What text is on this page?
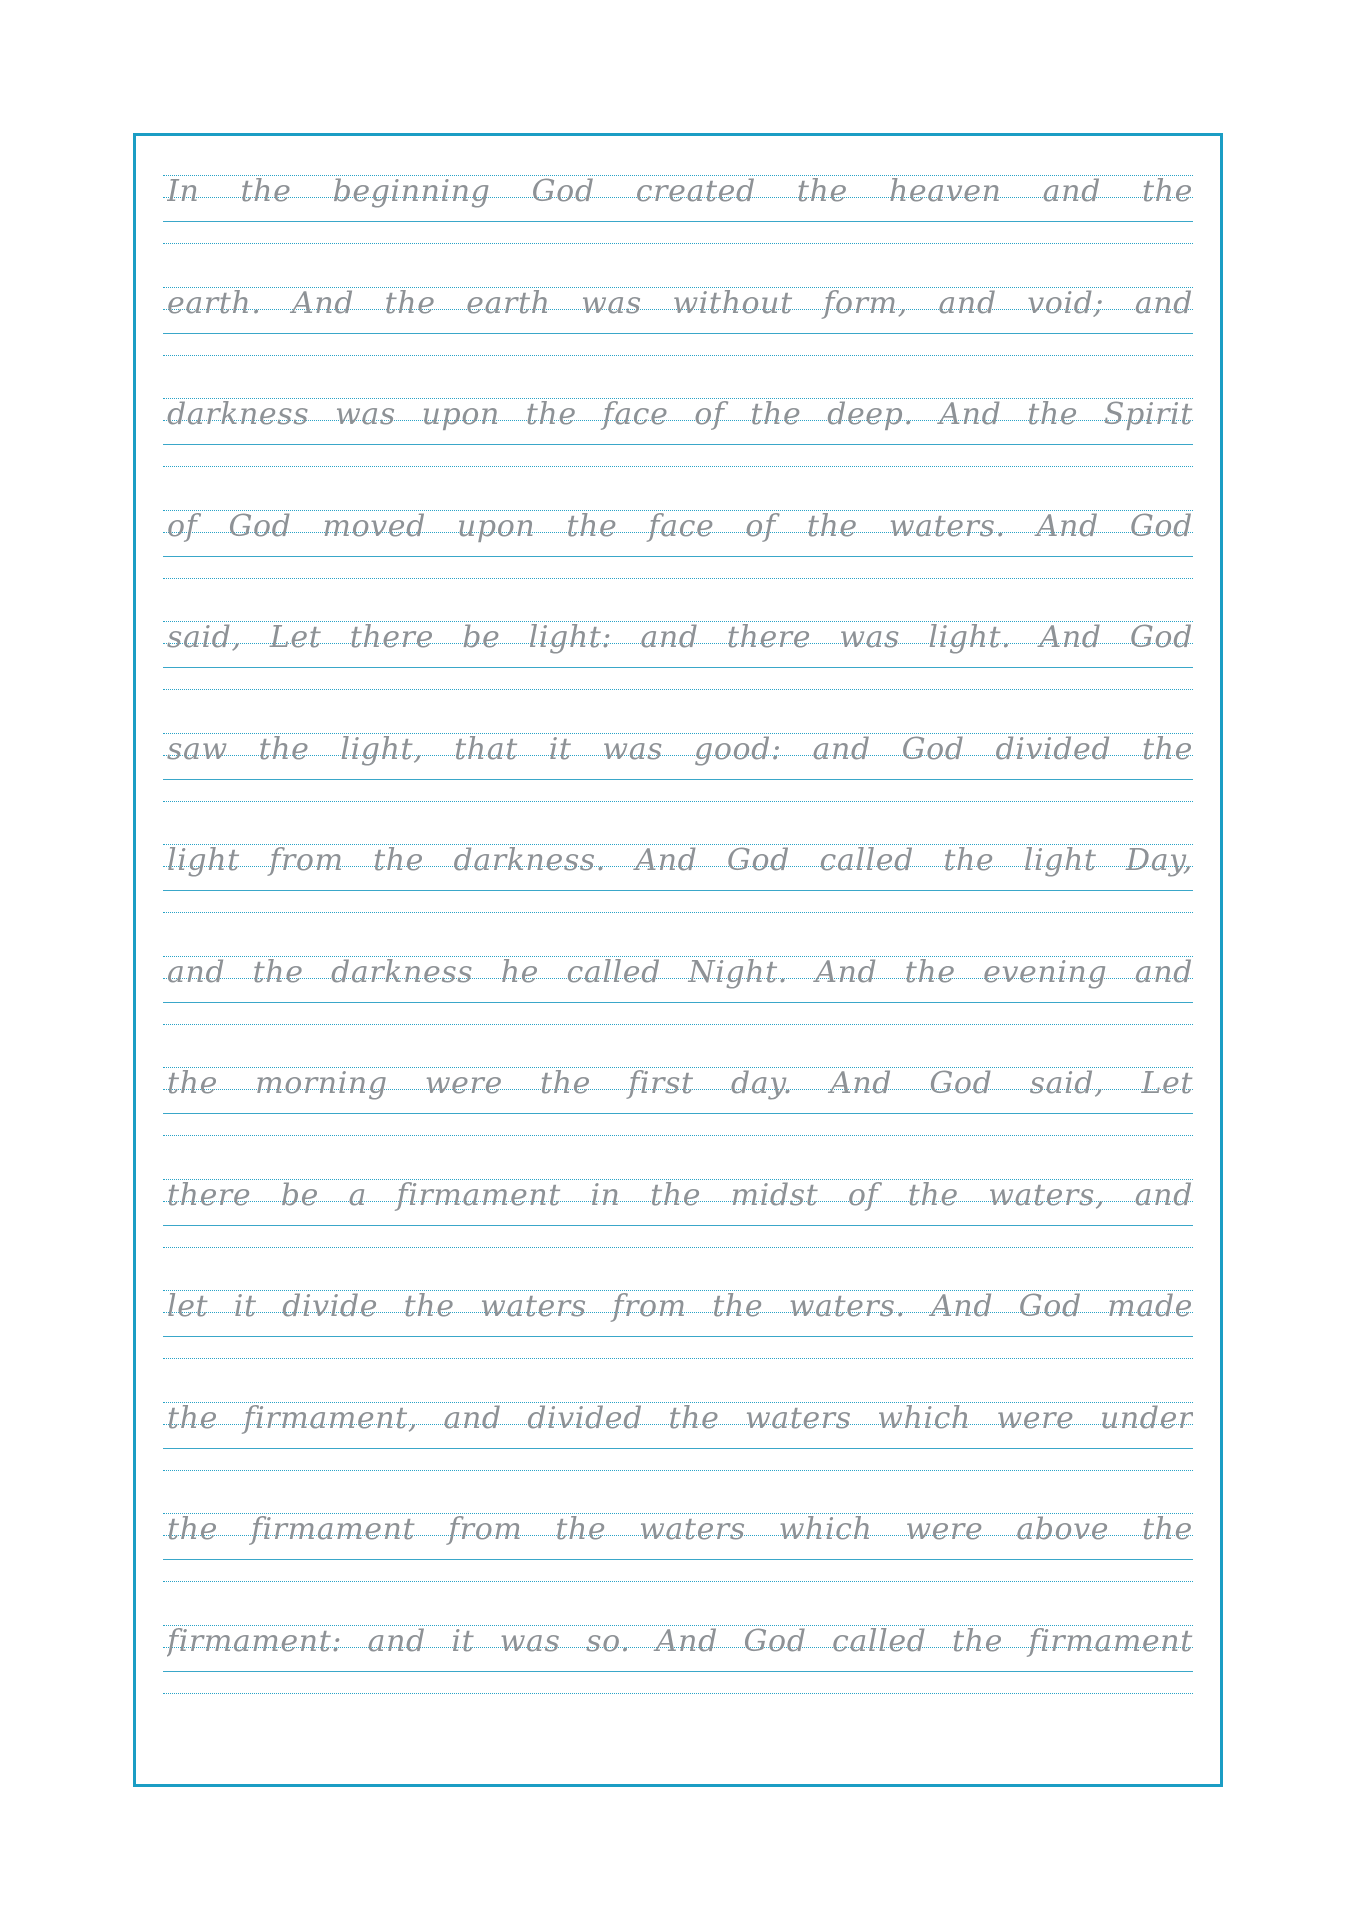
In the beginning God created the heaven and the
earth. And the earth was without form, and void; and
darkness was upon the face of the deep. And the Spirit
of God moved upon the face of the waters. And God
said, Let there be light: and there was light. And God
saw the light, that it was good: and God divided the
light from the darkness. And God called the light Day,
and the darkness he called Night. And the evening and
the morning were the first day. And God said, Let
there be a firmament in the midst of the waters, and
let it divide the waters from the waters. And God made
the firmament, and divided the waters which were under
the firmament from the waters which were above the
firmament: and it was so. And God called the firmament
